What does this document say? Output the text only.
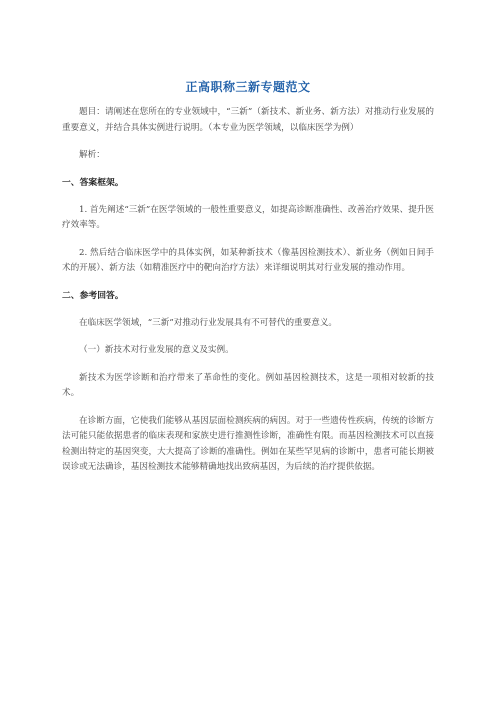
正高职称三新专题范文

题目：请阐述在您所在的专业领域中，“三新”（新技术、新业务、新方法）对推动行业发展的重要意义，并结合具体实例进行说明。（本专业为医学领域，以临床医学为例）

解析：

一、答案框架。

1. 首先阐述“三新”在医学领域的一般性重要意义，如提高诊断准确性、改善治疗效果、提升医疗效率等。

2. 然后结合临床医学中的具体实例，如某种新技术（像基因检测技术）、新业务（例如日间手术的开展）、新方法（如精准医疗中的靶向治疗方法）来详细说明其对行业发展的推动作用。

二、参考回答。

在临床医学领域，“三新”对推动行业发展具有不可替代的重要意义。

（一）新技术对行业发展的意义及实例。

新技术为医学诊断和治疗带来了革命性的变化。例如基因检测技术，这是一项相对较新的技术。

在诊断方面，它使我们能够从基因层面检测疾病的病因。对于一些遗传性疾病，传统的诊断方法可能只能依据患者的临床表现和家族史进行推测性诊断，准确性有限。而基因检测技术可以直接检测出特定的基因突变，大大提高了诊断的准确性。例如在某些罕见病的诊断中，患者可能长期被误诊或无法确诊，基因检测技术能够精确地找出致病基因，为后续的治疗提供依据。
